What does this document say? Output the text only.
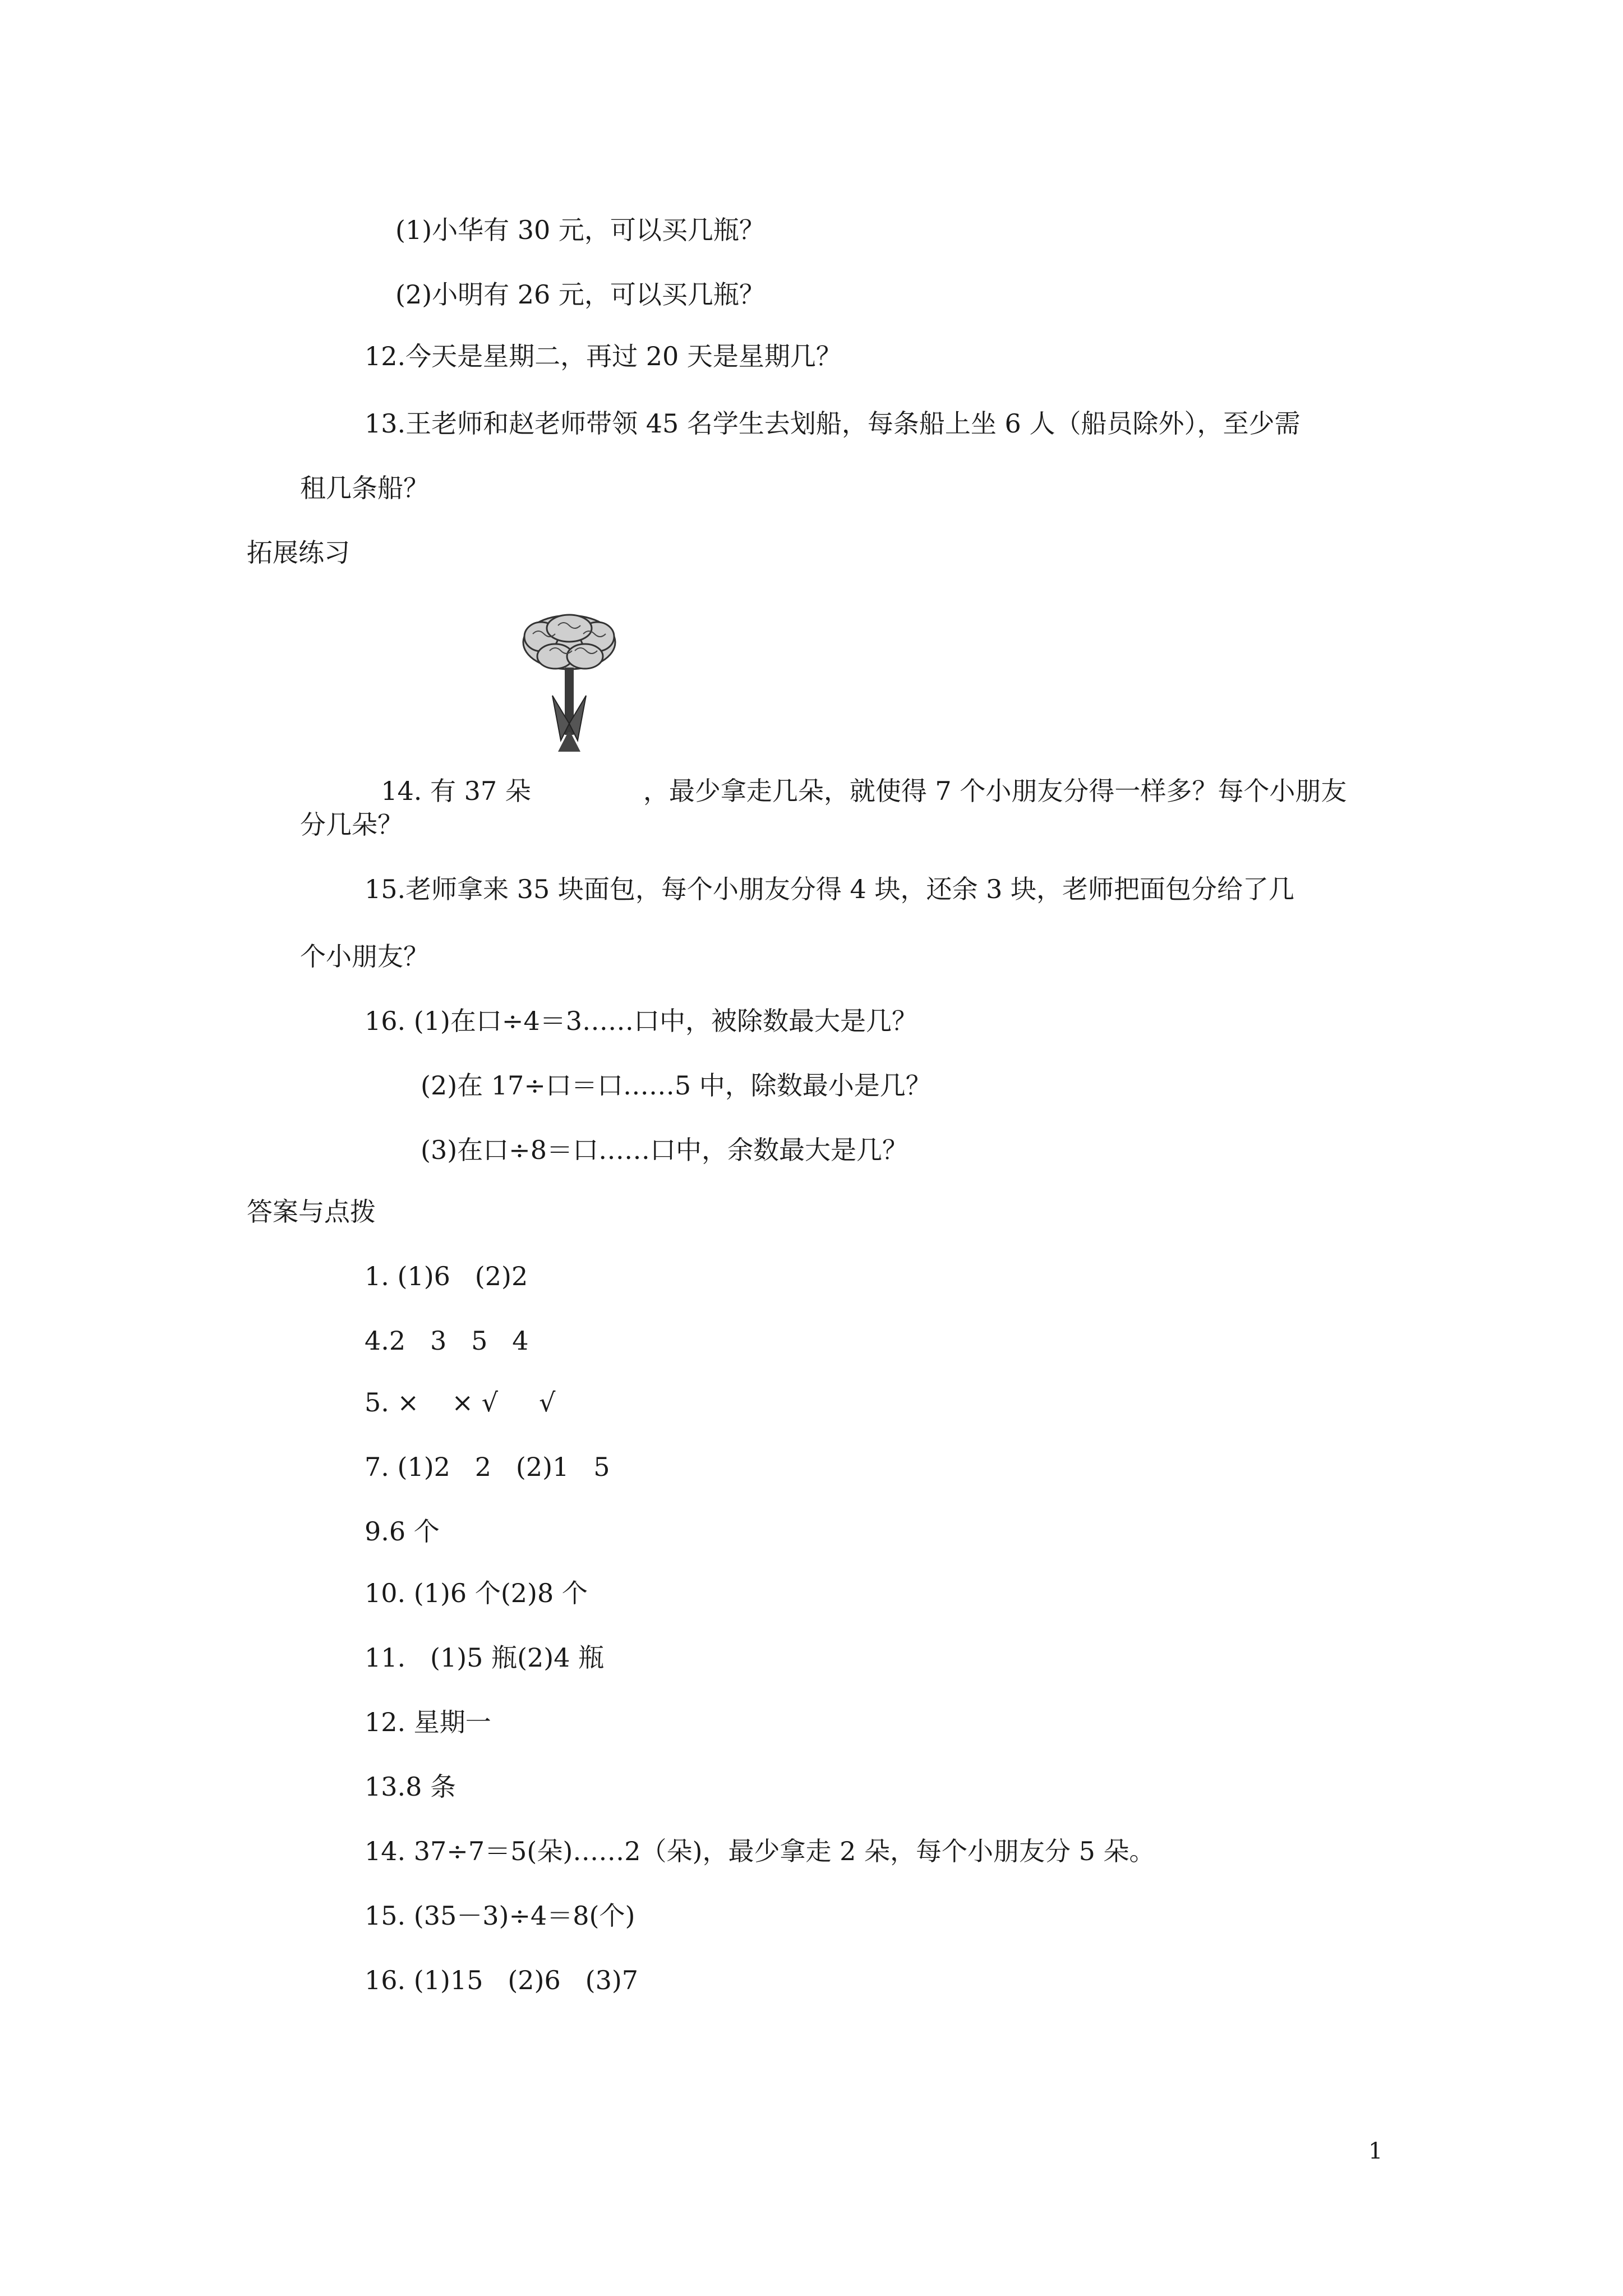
(1)小华有 30 元，可以买几瓶？
(2)小明有 26 元，可以买几瓶？
12.今天是星期二，再过 20 天是星期几？
13.王老师和赵老师带领 45 名学生去划船，每条船上坐 6 人（船员除外），至少需
租几条船？
拓展练习

14. 有 37 朵	，最少拿走几朵，就使得 7 个小朋友分得一样多？每个小朋友

分几朵？
15.老师拿来 35 块面包，每个小朋友分得 4 块，还余 3 块，老师把面包分给了几
个小朋友？
16. (1)在口÷4＝3……口中，被除数最大是几？
(2)在 17÷口＝口……5 中，除数最小是几？
(3)在口÷8＝口……口中，余数最大是几？
答案与点拨
1. (1)6   (2)2
4.2   3   5   4
5. ×    × √     √
7. (1)2   2   (2)1   5
9.6 个
10. (1)6 个(2)8 个
11.   (1)5 瓶(2)4 瓶
12. 星期一
13.8 条
14. 37÷7＝5(朵)……2（朵)，最少拿走 2 朵，每个小朋友分 5 朵。
15. (35－3)÷4＝8(个)
16. (1)15   (2)6   (3)7
1
